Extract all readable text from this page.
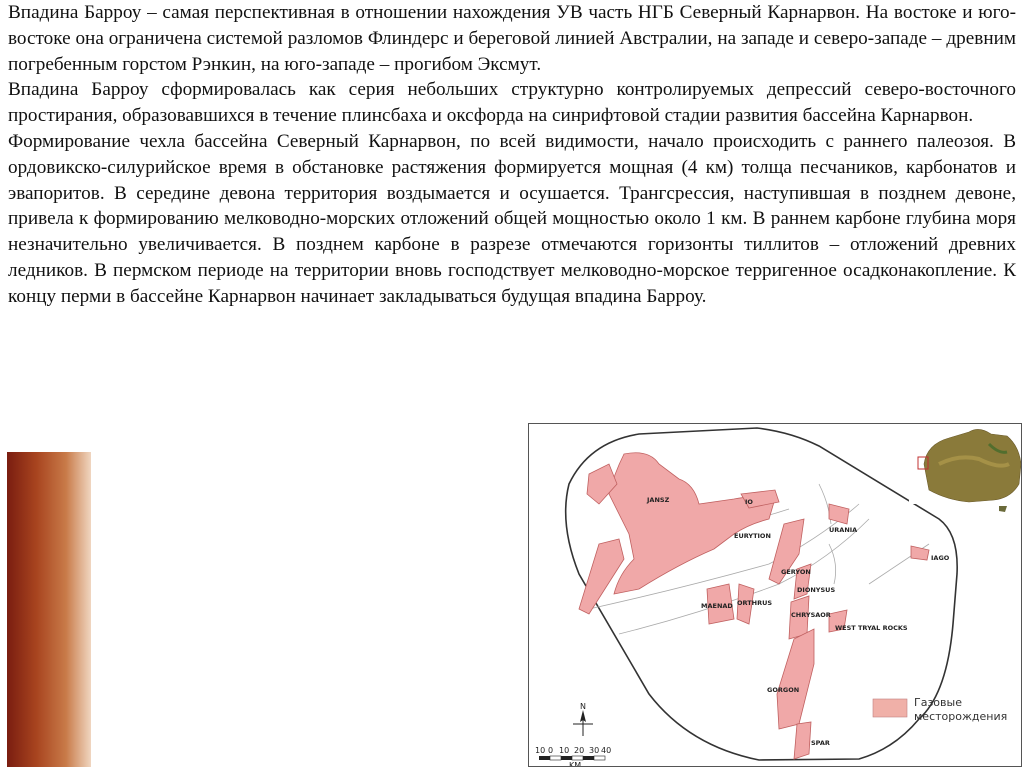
Впадина Барроу – самая перспективная в отношении нахождения УВ часть НГБ Северный Карнарвон. На востоке и юго-востоке она ограничена системой разломов Флиндерс и береговой линией Австралии, на западе и северо-западе – древним погребенным горстом Рэнкин, на юго-западе – прогибом Эксмут.

Впадина Барроу сформировалась как серия небольших структурно контролируемых депрессий северо-восточного простирания, образовавшихся в течение плинсбаха и оксфорда на синрифтовой стадии развития бассейна Карнарвон.

Формирование чехла бассейна Северный Карнарвон, по всей видимости, начало происходить с раннего палеозоя. В ордовикско-силурийское время в обстановке растяжения формируется мощная (4 км) толща песчаников, карбонатов и эвапоритов. В середине девона территория воздымается и осушается. Трангсрессия, наступившая в позднем девоне, привела к формированию мелководно-морских отложений общей мощностью около 1 км. В раннем карбоне глубина моря незначительно увеличивается. В позднем карбоне в разрезе отмечаются горизонты тиллитов – отложений древних ледников. В пермском периоде на территории вновь господствует мелководно-морское терригенное осадконакопление. К концу перми в бассейне Карнарвон начинает закладываться будущая впадина Барроу.

JANSZ	IO
EURYTION
URANIA
IAGO
GERYON
DIONYSUS
MAENAD ORTHRUS
CHRYSAOR
WEST TRYAL ROCKS
GORGON
SPAR
Газовые
месторождения
N
10 0 10 20 30 40
KM
